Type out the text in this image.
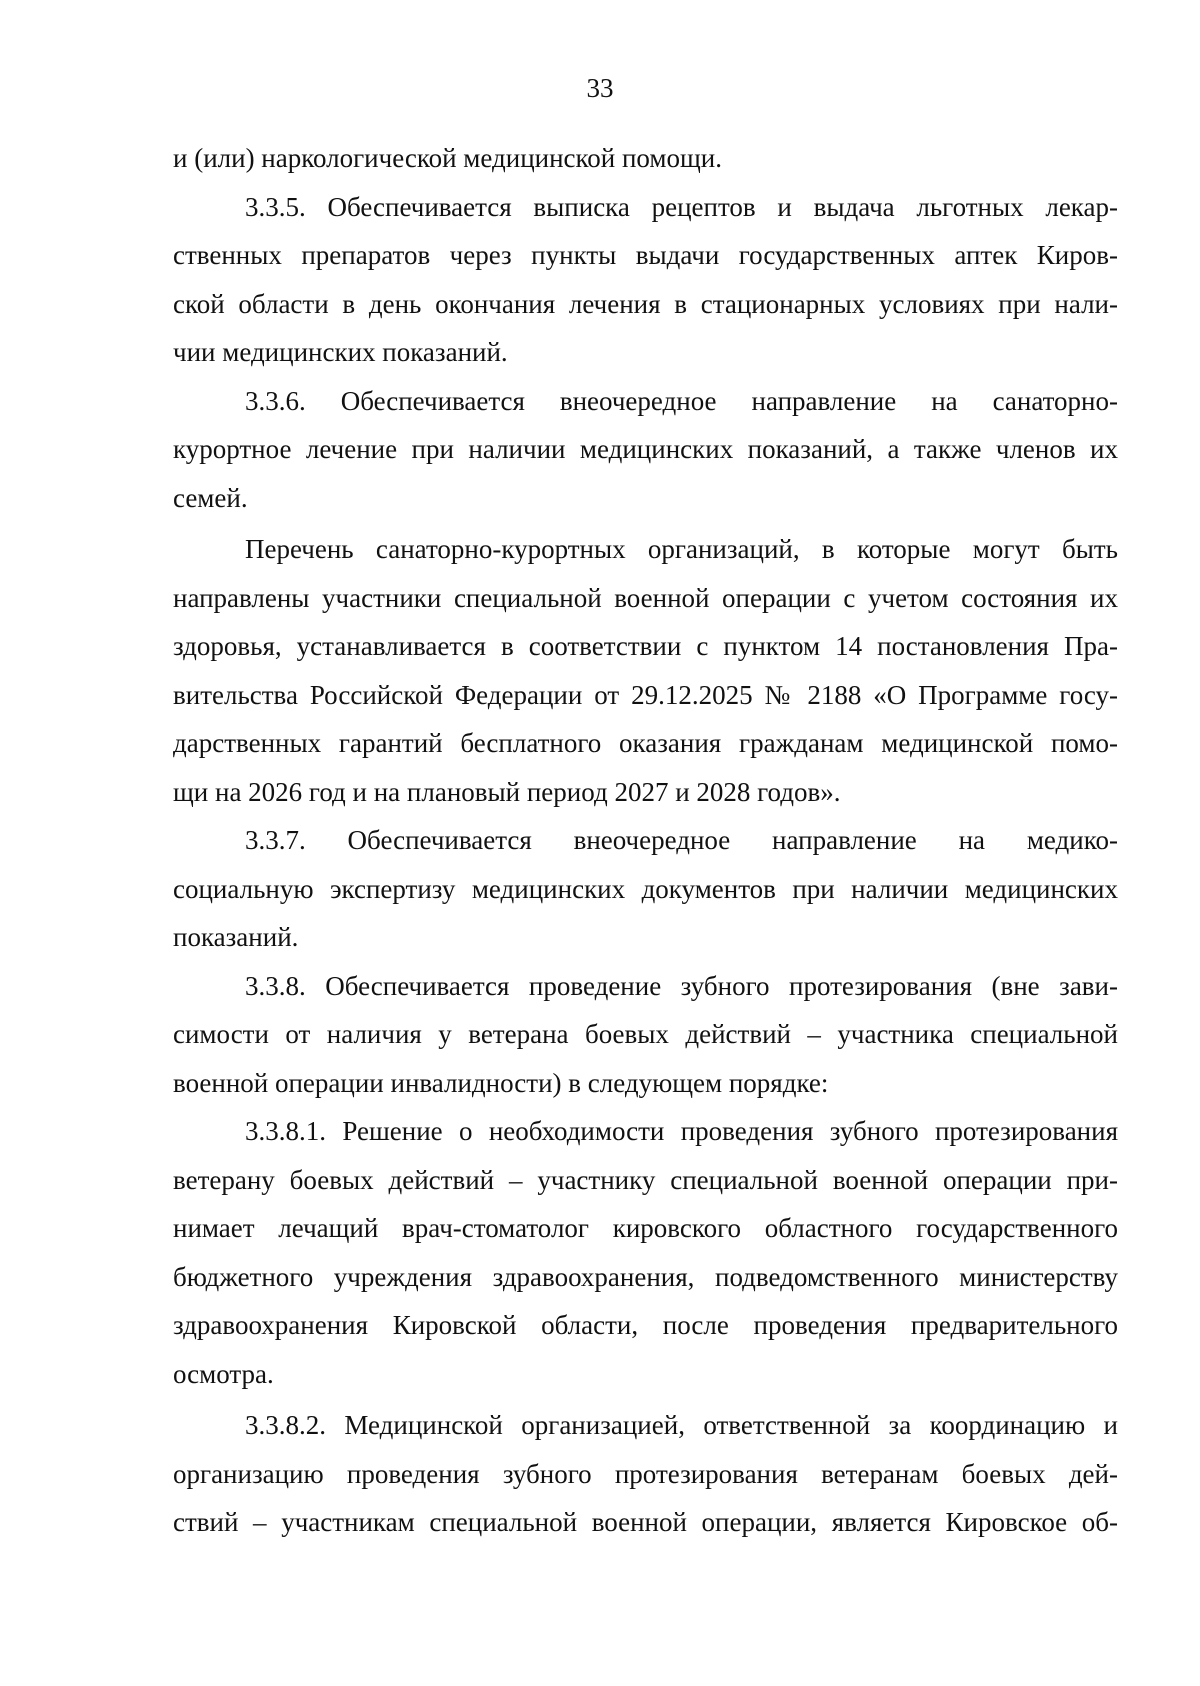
33
и (или) наркологической медицинской помощи.
3.3.5. Обеспечивается выписка рецептов и выдача льготных лекар-
ственных препаратов через пункты выдачи государственных аптек Киров-
ской области в день окончания лечения в стационарных условиях при нали-
чии медицинских показаний.
3.3.6. Обеспечивается внеочередное направление на санаторно-
курортное лечение при наличии медицинских показаний, а также членов их
семей.
Перечень санаторно-курортных организаций, в которые могут быть
направлены участники специальной военной операции с учетом состояния их
здоровья, устанавливается в соответствии с пунктом 14 постановления Пра-
вительства Российской Федерации от 29.12.2025 № 2188 «О Программе госу-
дарственных гарантий бесплатного оказания гражданам медицинской помо-
щи на 2026 год и на плановый период 2027 и 2028 годов».
3.3.7. Обеспечивается внеочередное направление на медико-
социальную экспертизу медицинских документов при наличии медицинских
показаний.
3.3.8. Обеспечивается проведение зубного протезирования (вне зави-
симости от наличия у ветерана боевых действий – участника специальной
военной операции инвалидности) в следующем порядке:
3.3.8.1. Решение о необходимости проведения зубного протезирования
ветерану боевых действий – участнику специальной военной операции при-
нимает лечащий врач-стоматолог кировского областного государственного
бюджетного учреждения здравоохранения, подведомственного министерству
здравоохранения Кировской области, после проведения предварительного
осмотра.
3.3.8.2. Медицинской организацией, ответственной за координацию и
организацию проведения зубного протезирования ветеранам боевых дей-
ствий – участникам специальной военной операции, является Кировское об-
